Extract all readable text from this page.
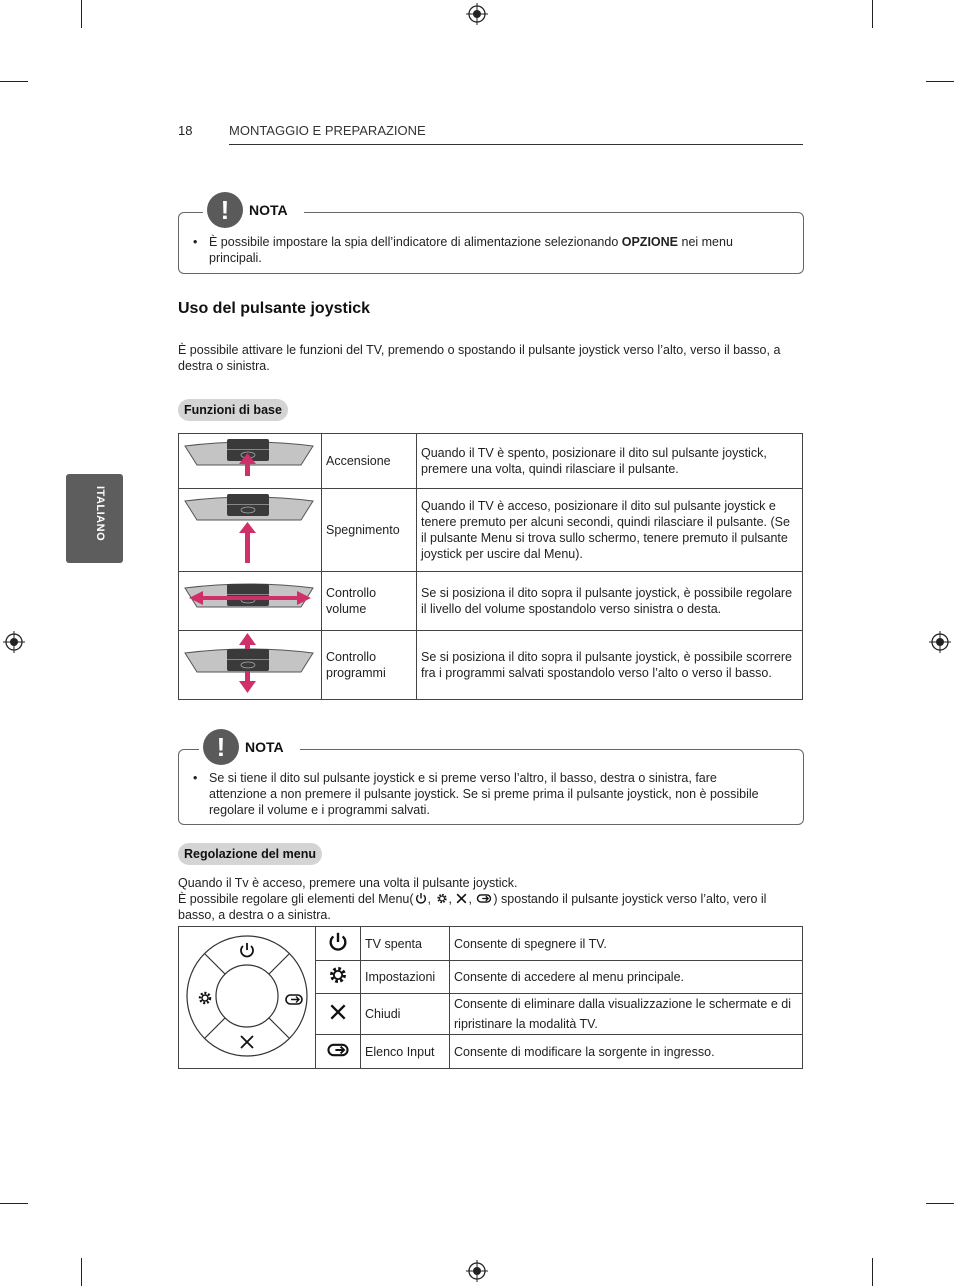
18	MONTAGGIO E PREPARAZIONE
ITALIANO
!	NOTA
• È possibile impostare la spia dell’indicatore di alimentazione selezionando OPZIONE nei menu principali.
Uso del pulsante joystick
È possibile attivare le funzioni del TV, premendo o spostando il pulsante joystick verso l’alto, verso il basso, a destra o sinistra.
Funzioni di base
	Accensione	Quando il TV è spento, posizionare il dito sul pulsante joystick, premere una volta, quindi rilasciare il pulsante.
	Spegnimento	Quando il TV è acceso, posizionare il dito sul pulsante joystick e tenere premuto per alcuni secondi, quindi rilasciare il pulsante. (Se il pulsante Menu si trova sullo schermo, tenere premuto il pulsante joystick per uscire dal Menu).
	Controllo volume	Se si posiziona il dito sopra il pulsante joystick, è possibile regolare il livello del volume spostandolo verso sinistra o desta.
	Controllo programmi	Se si posiziona il dito sopra il pulsante joystick, è possibile scorrere fra i programmi salvati spostandolo verso l’alto o verso il basso.
!	NOTA
• Se si tiene il dito sul pulsante joystick e si preme verso l’altro, il basso, destra o sinistra, fare attenzione a non premere il pulsante joystick. Se si preme prima il pulsante joystick, non è possibile regolare il volume e i programmi salvati.
Regolazione del menu
Quando il Tv è acceso, premere una volta il pulsante joystick.
È possibile regolare gli elementi del Menu( , , , ) spostando il pulsante joystick verso l’alto, vero il basso, a destra o a sinistra.
		TV spenta	Consente di spegnere il TV.
	Impostazioni	Consente di accedere al menu principale.
	Chiudi	Consente di eliminare dalla visualizzazione le schermate e di ripristinare la modalità TV.
	Elenco Input	Consente di modificare la sorgente in ingresso.
